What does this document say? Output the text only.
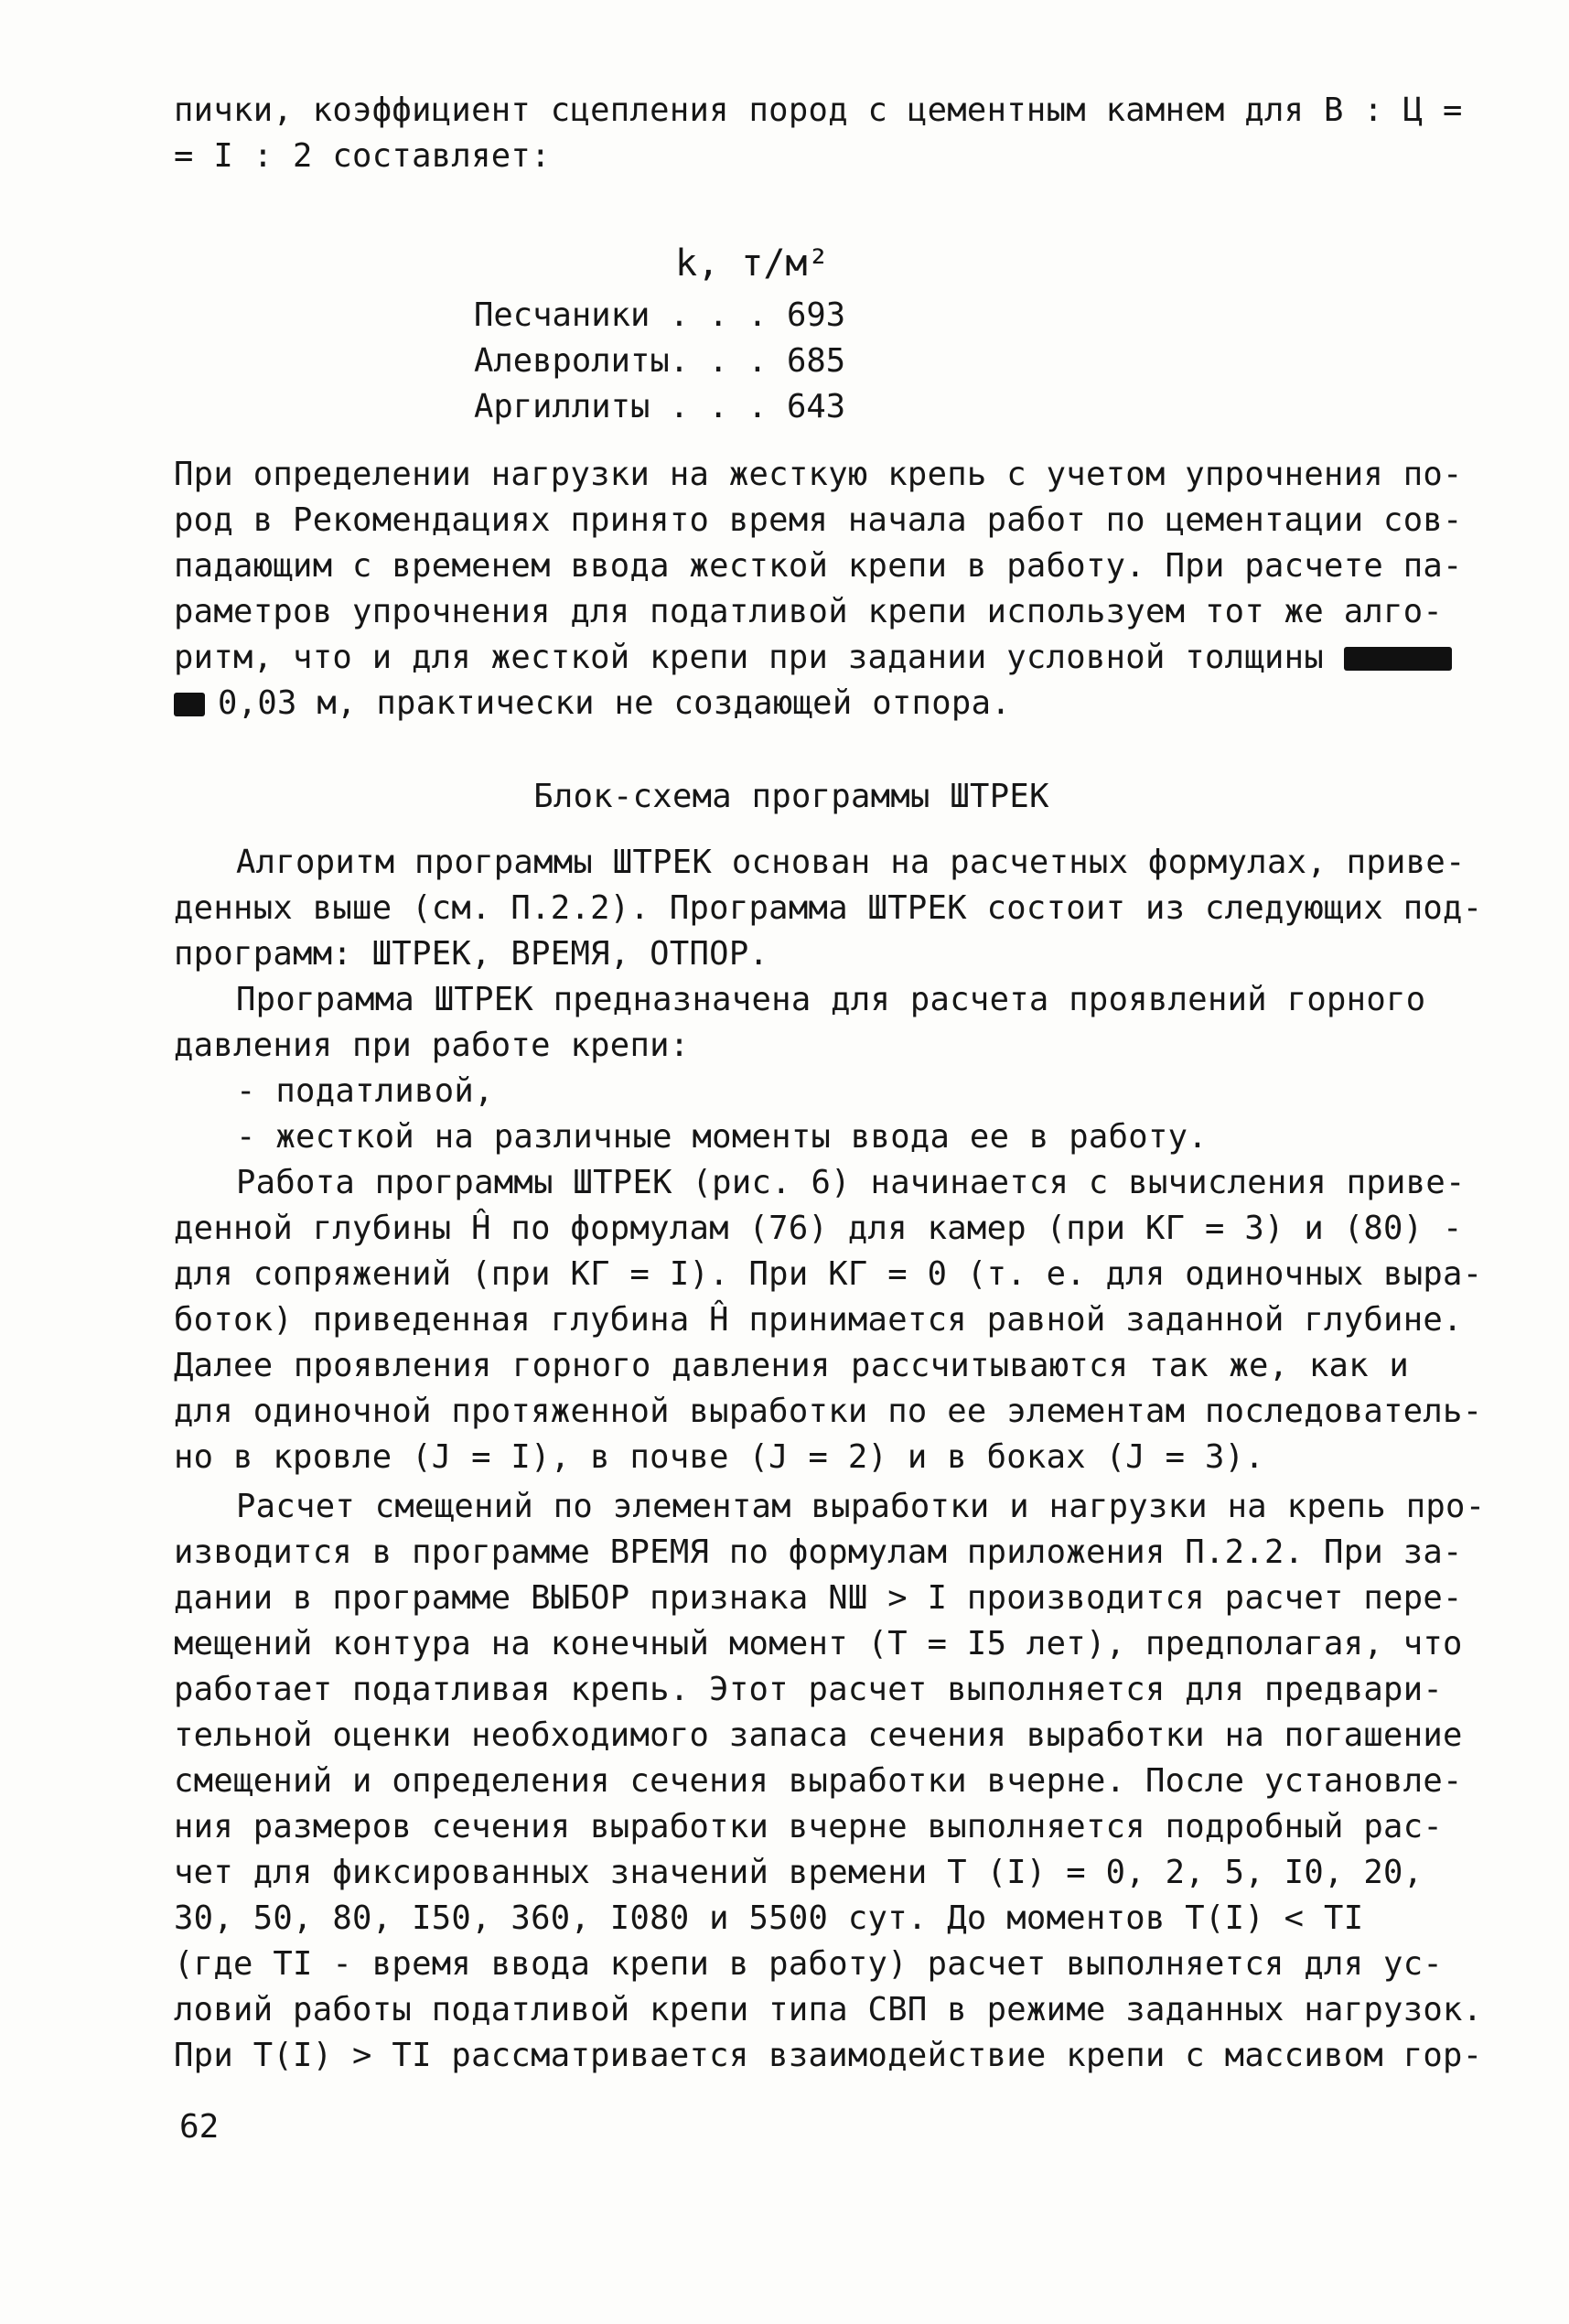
пички, коэффициент сцепления пород с цементным камнем для В : Ц =
= I : 2 составляет:
k, т/м²
Песчаники . . . 693
Алевролиты. . . 685
Аргиллиты . . . 643
При определении нагрузки на жесткую крепь с учетом упрочнения по-
род в Рекомендациях принято время начала работ по цементации сов-
падающим с временем ввода жесткой крепи в работу. При расчете па-
раметров упрочнения для податливой крепи используем тот же алго-
ритм, что и для жесткой крепи при задании условной толщины
0,03 м, практически не создающей отпора.
Блок-схема программы ШТРЕК
Алгоритм программы ШТРЕК основан на расчетных формулах, приве-
денных выше (см. П.2.2). Программа ШТРЕК состоит из следующих под-
программ: ШТРЕК, ВРЕМЯ, ОТПОР.
Программа ШТРЕК предназначена для расчета проявлений горного
давления при работе крепи:
- податливой,
- жесткой на различные моменты ввода ее в работу.
Работа программы ШТРЕК (рис. 6) начинается с вычисления приве-
денной глубины Ĥ по формулам (76) для камер (при КГ = 3) и (80) -
для сопряжений (при КГ = I). При КГ = 0 (т. е. для одиночных выра-
боток) приведенная глубина Ĥ принимается равной заданной глубине.
Далее проявления горного давления рассчитываются так же, как и
для одиночной протяженной выработки по ее элементам последователь-
но в кровле (J = I), в почве (J = 2) и в боках (J = 3).
Расчет смещений по элементам выработки и нагрузки на крепь про-
изводится в программе ВРЕМЯ по формулам приложения П.2.2. При за-
дании в программе ВЫБОР признака NШ > I производится расчет пере-
мещений контура на конечный момент (Т = I5 лет), предполагая, что
работает податливая крепь. Этот расчет выполняется для предвари-
тельной оценки необходимого запаса сечения выработки на погашение
смещений и определения сечения выработки вчерне. После установле-
ния размеров сечения выработки вчерне выполняется подробный рас-
чет для фиксированных значений времени Т (I) = 0, 2, 5, I0, 20,
30, 50, 80, I50, 360, I080 и 5500 сут. До моментов Т(I) < TI
(где TI - время ввода крепи в работу) расчет выполняется для ус-
ловий работы податливой крепи типа СВП в режиме заданных нагрузок.
При Т(I) > TI рассматривается взаимодействие крепи с массивом гор-
62
